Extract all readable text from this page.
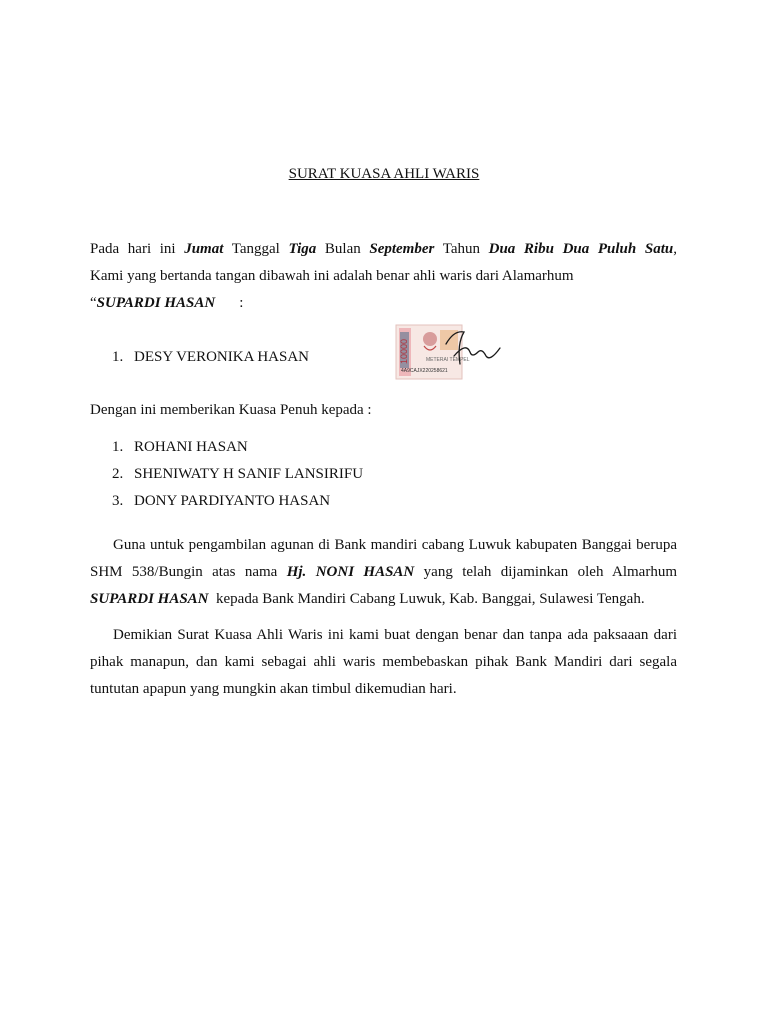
SURAT KUASA AHLI WARIS
Pada hari ini Jumat Tanggal Tiga Bulan September Tahun Dua Ribu Dua Puluh Satu,
Kami yang bertanda tangan dibawah ini adalah benar ahli waris dari Alamarhum
“SUPARDI HASAN :
1. DESY VERONIKA HASAN	10000	METERAI TEMPEL
4A9CAJX220258621
Desy
Dengan ini memberikan Kuasa Penuh kepada :
1. ROHANI HASAN
2. SHENIWATY H SANIF LANSIRIFU
3. DONY PARDIYANTO HASAN
Guna untuk pengambilan agunan di Bank mandiri cabang Luwuk kabupaten Banggai berupa
SHM 538/Bungin atas nama Hj. NONI HASAN yang telah dijaminkan oleh Almarhum
SUPARDI HASAN  kepada Bank Mandiri Cabang Luwuk, Kab. Banggai, Sulawesi Tengah.

Demikian Surat Kuasa Ahli Waris ini kami buat dengan benar dan tanpa ada paksaaan dari pihak manapun, dan kami sebagai ahli waris membebaskan pihak Bank Mandiri dari segala tuntutan apapun yang mungkin akan timbul dikemudian hari.
